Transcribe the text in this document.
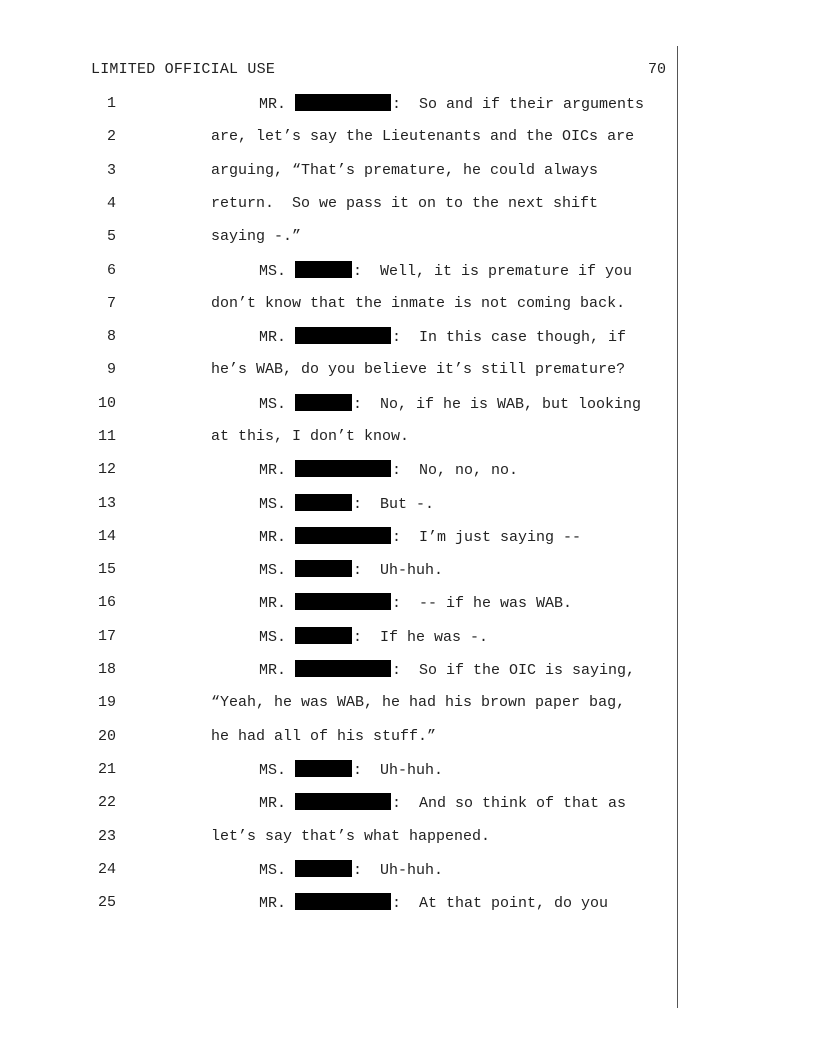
LIMITED OFFICIAL USE	70
1	MR.	:  So and if their arguments
2	are, let’s say the Lieutenants and the OICs are
3	arguing, “That’s premature, he could always
4	return.  So we pass it on to the next shift
5	saying -.”
6	MS.	:  Well, it is premature if you
7	don’t know that the inmate is not coming back.
8	MR.	:  In this case though, if
9	he’s WAB, do you believe it’s still premature?
10	MS.	:  No, if he is WAB, but looking
11	at this, I don’t know.
12	MR.	:  No, no, no.
13	MS.	:  But -.
14	MR.	:  I’m just saying --
15	MS.	:  Uh-huh.
16	MR.	:  -- if he was WAB.
17	MS.	:  If he was -.
18	MR.	:  So if the OIC is saying,
19	“Yeah, he was WAB, he had his brown paper bag,
20	he had all of his stuff.”
21	MS.	:  Uh-huh.
22	MR.	:  And so think of that as
23	let’s say that’s what happened.
24	MS.	:  Uh-huh.
25	MR.	:  At that point, do you
